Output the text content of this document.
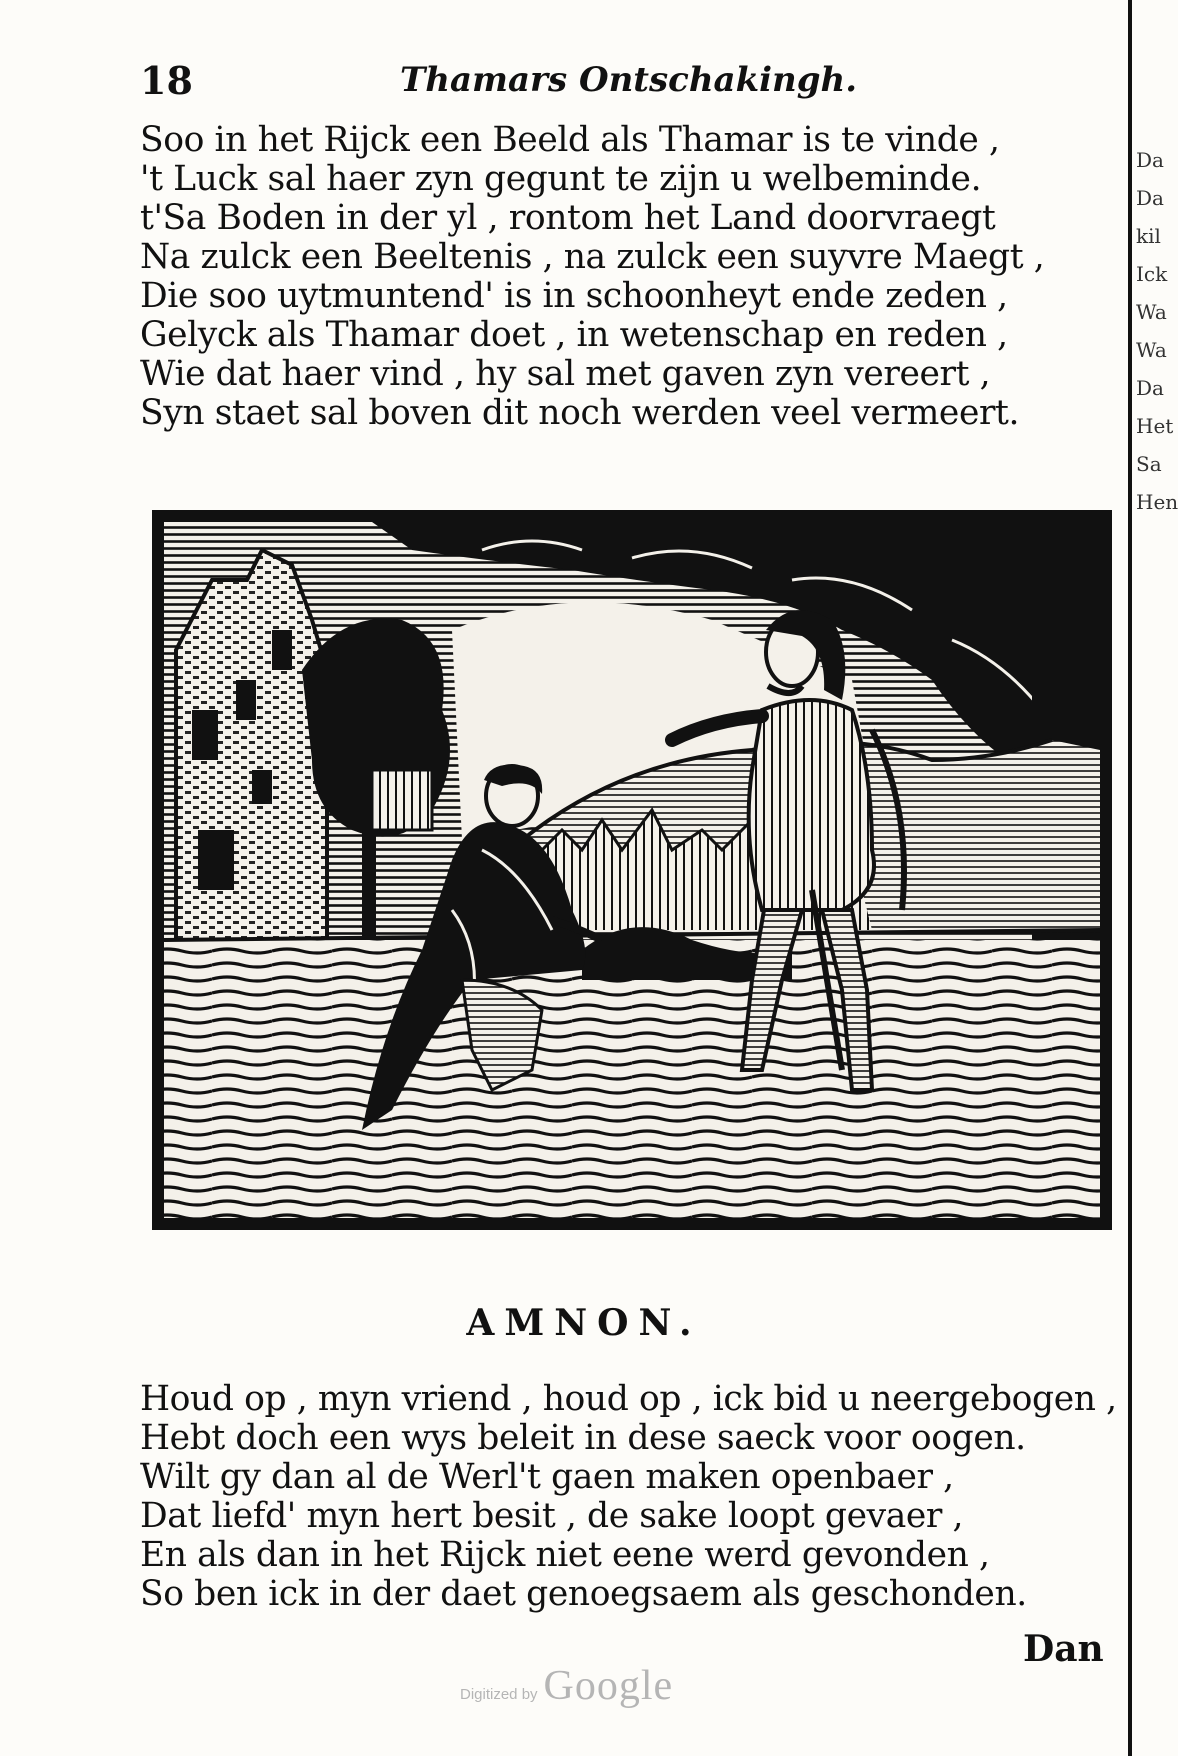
18	Thamars Ontschakingh.
Soo in het Rijck een Beeld als Thamar is te vinde ,
't Luck sal haer zyn gegunt te zijn u welbeminde.
t'Sa Boden in der yl , rontom het Land doorvraegt
Na zulck een Beeltenis , na zulck een suyvre Maegt ,
Die soo uytmuntend' is in schoonheyt ende zeden ,
Gelyck als Thamar doet , in wetenschap en reden ,
Wie dat haer vind , hy sal met gaven zyn vereert ,
Syn staet sal boven dit noch werden veel vermeert.
AMNON.
Houd op , myn vriend , houd op , ick bid u neergebogen ,
Hebt doch een wys beleit in dese saeck voor oogen.
Wilt gy dan al de Werl't gaen maken openbaer ,
Dat liefd' myn hert besit , de sake loopt gevaer ,
En als dan in het Rijck niet eene werd gevonden ,
So ben ick in der daet genoegsaem als geschonden.
Dan
Digitized by Google
Da
Da
kil
Ick
Wa
Wa
Da
Het
Sa
Hen
